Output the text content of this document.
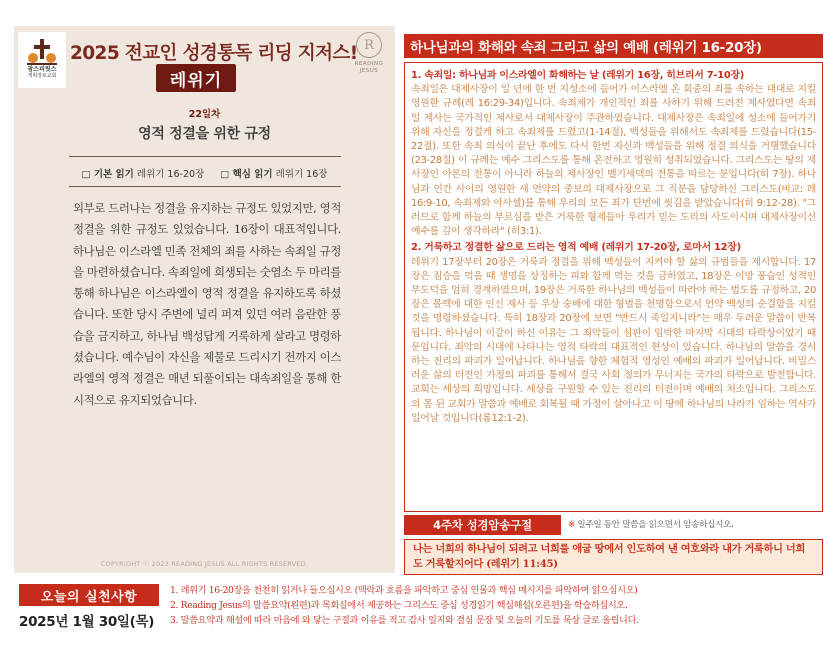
광스피릿스
개혁장로교회
2025 전교인 성경통독 리딩 지저스! R
READING
JESUS
레위기
22일차
영적 정결을 위한 규정
□ 기본 읽기 레위기 16-20장 □ 핵심 읽기 레위기 16장
외부로 드러나는 정결을 유지하는 규정도 있었지만, 영적 정결을 위한 규정도 있었습니다. 16장이 대표적입니다. 하나님은 이스라엘 민족 전체의 죄를 사하는 속죄일 규정을 마련하셨습니다. 속죄일에 희생되는 숫염소 두 마리를 통해 하나님은 이스라엘이 영적 정결을 유지하도록 하셨습니다. 또한 당시 주변에 널리 퍼져 있던 여러 음란한 풍습을 금지하고, 하나님 백성답게 거룩하게 살라고 명령하셨습니다. 예수님이 자신을 제물로 드리시기 전까지 이스라엘의 영적 정결은 매년 되풀이되는 대속죄일을 통해 한시적으로 유지되었습니다.
COPYRIGHT ⓒ 2023 READING JESUS ALL RIGHTS RESERVED.
하나님과의 화해와 속죄 그리고 삶의 예배 (레위기 16-20장)
1. 속죄일: 하나님과 이스라엘이 화해하는 날 (레위기 16장, 히브리서 7-10장)
속죄일은 대제사장이 일 년에 한 번 지성소에 들어가 이스라엘 온 회중의 죄를 속하는 대대로 지킬 영원한 규례(레 16:29-34)입니다. 속죄제가 개인적인 죄를 사하기 위해 드려진 제사였다면 속죄일 제사는 국가적인 제사로서 대제사장이 주관하였습니다. 대제사장은 속죄일에 성소에 들어가기 위해 자신을 정결케 하고 속죄제를 드렸고(1-14절), 백성들을 위해서도 속죄제를 드렸습니다(15-22절). 또한 속죄 의식이 끝난 후에도 다시 한번 자신과 백성들을 위해 정결 의식을 거행했습니다(23-28절) 이 규례는 예수 그리스도를 통해 온전하고 영원히 성취되었습니다. 그리스도는 땅의 제사장인 아론의 전통이 아니라 하늘의 제사장인 멜기세덱의 전통을 따르는 분입니다(히 7장). 하나님과 인간 사이의 영원한 새 언약의 중보의 대제사장으로 그 직분을 담당하신 그리스도(비교: 레 16:9-10, 속죄제와 아사셀)를 통해 우리의 모든 죄가 단번에 씻김을 받았습니다(히 9:12-28). "그러므로 함께 하늘의 부르심을 받은 거룩한 형제들아 우리가 믿는 도리의 사도이시며 대제사장이신 예수를 깊이 생각하라" (히3:1).
2. 거룩하고 정결한 삶으로 드리는 영적 예배 (레위기 17-20장, 로마서 12장)
레위기 17장부터 20장은 거룩과 정결을 위해 백성들이 지켜야 할 삶의 규범들을 제시합니다. 17장은 짐승을 먹을 때 생명을 상징하는 피와 함께 먹는 것을 금하였고, 18장은 이방 풍습인 성적인 부도덕을 엄히 경계하였으며, 19장은 거룩한 하나님의 백성들이 따라야 하는 법도를 규정하고, 20장은 몰렉에 대한 인신 제사 등 우상 숭배에 대한 형벌을 천명함으로서 언약 백성의 순결함을 지킬 것을 명령하셨습니다. 특히 18장과 20장에 보면 "반드시 죽일지니라"는 매우 두려운 말씀이 반복됩니다. 하나님이 이같이 하신 이유는 그 죄악들이 심판이 임박한 마지막 시대의 타락상이었기 때문입니다. 죄악의 시대에 나타나는 영적 타락의 대표적인 현상이 있습니다. 하나님의 말씀을 경시하는 진리의 파괴가 일어납니다. 하나님을 향한 체험적 영성인 예배의 파괴가 일어납니다. 비밀스러운 삶의 터전인 가정의 파괴를 통해서 결국 사회 정의가 무너지는 국가의 타락으로 발전합니다. 교회는 세상의 희망입니다. 세상을 구원할 수 있는 진리의 터전이며 예배의 처소입니다. 그리스도의 몸 된 교회가 말씀과 예배로 회복될 때 가정이 살아나고 이 땅에 하나님의 나라가 임하는 역사가 일어날 것입니다(롬12:1-2).
4주차 성경암송구절	※ 일주일 동안 말씀을 읽으면서 암송하십시오.
나는 너희의 하나님이 되려고 너희를 애굽 땅에서 인도하여 낸 여호와라 내가 거룩하니 너희도 거룩할지어다 (레위기 11:45)
오늘의 실천사항
2025년 1월 30일(목)
1. 레위기 16-20장을 천천히 읽거나 들으십시오 (맥락과 흐름을 파악하고 중심 인물과 핵심 메시지를 파악하며 읽으십시오)
2. Reading Jesus의 말씀요약(왼편)과 목회실에서 제공하는 그리스도 중심 성경읽기 핵심해설(오른편)을 학습하십시오.
3. 말씀요약과 해설에 따라 마음에 와 닿는 구절과 이유를 적고 감사 일지와 결심 문장 및 오늘의 기도를 묵상 글로 올립니다.
